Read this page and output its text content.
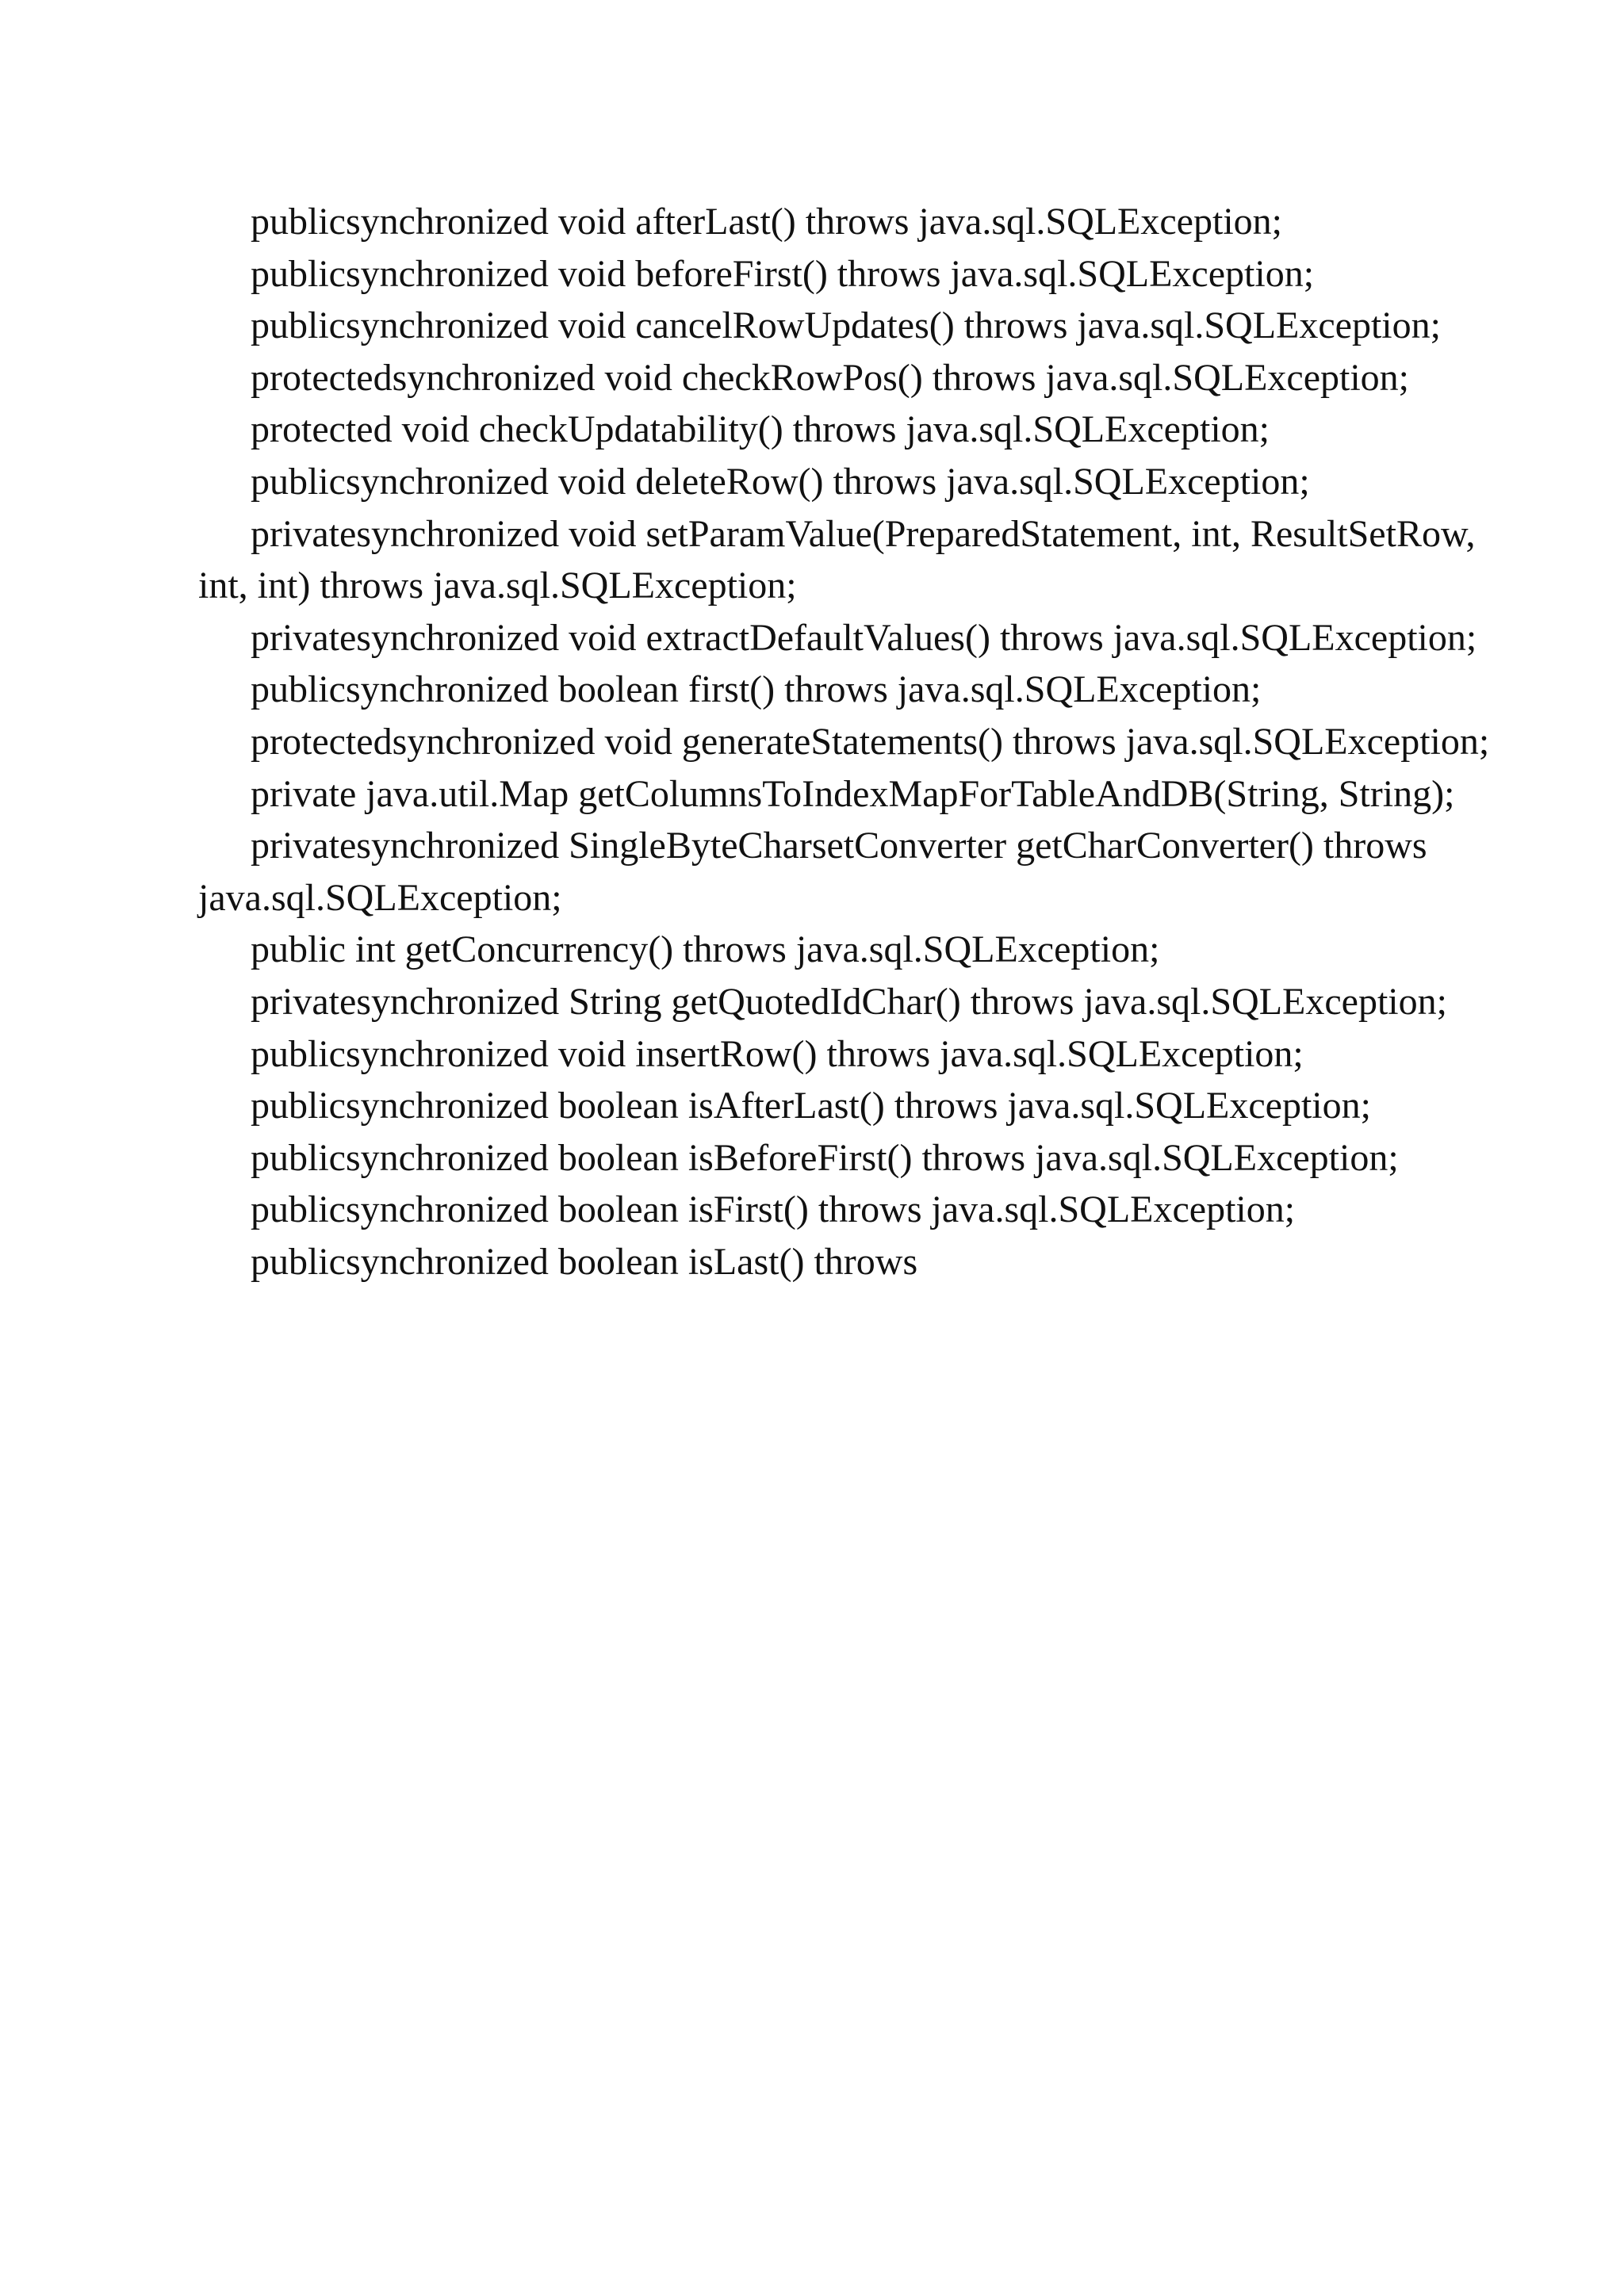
publicsynchronized void afterLast() throws java.sql.SQLException;

publicsynchronized void beforeFirst() throws java.sql.SQLException;

publicsynchronized void cancelRowUpdates() throws java.sql.SQLException;

protectedsynchronized void checkRowPos() throws java.sql.SQLException;

protected void checkUpdatability() throws java.sql.SQLException;

publicsynchronized void deleteRow() throws java.sql.SQLException;

privatesynchronized void setParamValue(PreparedStatement, int, ResultSetRow, int, int) throws java.sql.SQLException;

privatesynchronized void extractDefaultValues() throws java.sql.SQLException;

publicsynchronized boolean first() throws java.sql.SQLException;

protectedsynchronized void generateStatements() throws java.sql.SQLException;

private java.util.Map getColumnsToIndexMapForTableAndDB(String, String);

privatesynchronized SingleByteCharsetConverter getCharConverter() throws java.sql.SQLException;

public int getConcurrency() throws java.sql.SQLException;

privatesynchronized String getQuotedIdChar() throws java.sql.SQLException;

publicsynchronized void insertRow() throws java.sql.SQLException;

publicsynchronized boolean isAfterLast() throws java.sql.SQLException;

publicsynchronized boolean isBeforeFirst() throws java.sql.SQLException;

publicsynchronized boolean isFirst() throws java.sql.SQLException;

publicsynchronized boolean isLast() throws
